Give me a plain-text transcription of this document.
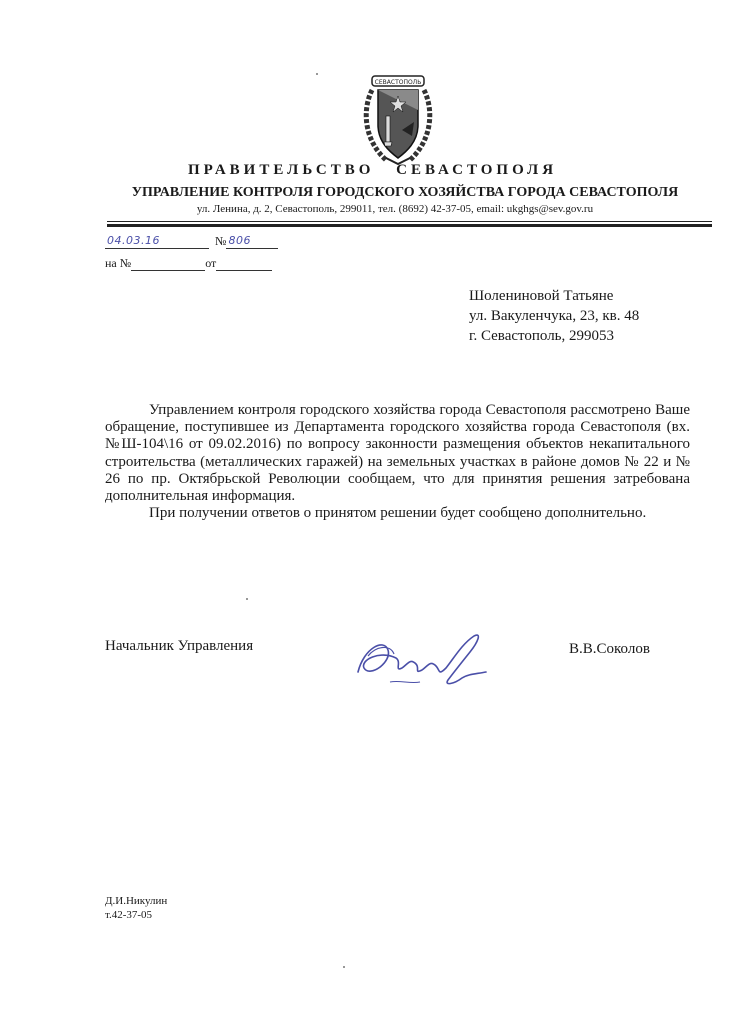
СЕВАСТОПОЛЬ
ПРАВИТЕЛЬСТВО СЕВАСТОПОЛЯ
УПРАВЛЕНИЕ КОНТРОЛЯ ГОРОДСКОГО ХОЗЯЙСТВА ГОРОДА СЕВАСТОПОЛЯ
ул. Ленина, д. 2, Севастополь, 299011, тел. (8692) 42-37-05, email: ukghgs@sev.gov.ru
04.03.16	№ 806
на №	от
Шолениновой Татьяне
ул. Вакуленчука, 23, кв. 48
г. Севастополь, 299053

Управлением контроля городского хозяйства города Севастополя рассмотрено Ваше обращение, поступившее из Департамента городского хозяйства города Севастополя (вх. №Ш-104\16 от 09.02.2016) по вопросу законности размещения объектов некапитального строительства (металлических гаражей) на земельных участках в районе домов № 22 и № 26 по пр. Октябрьской Революции сообщаем, что для принятия решения затребована дополнительная информация.

При получении ответов о принятом решении будет сообщено дополнительно.

Начальник Управления	В.В.Соколов
Д.И.Никулин
т.42-37-05
